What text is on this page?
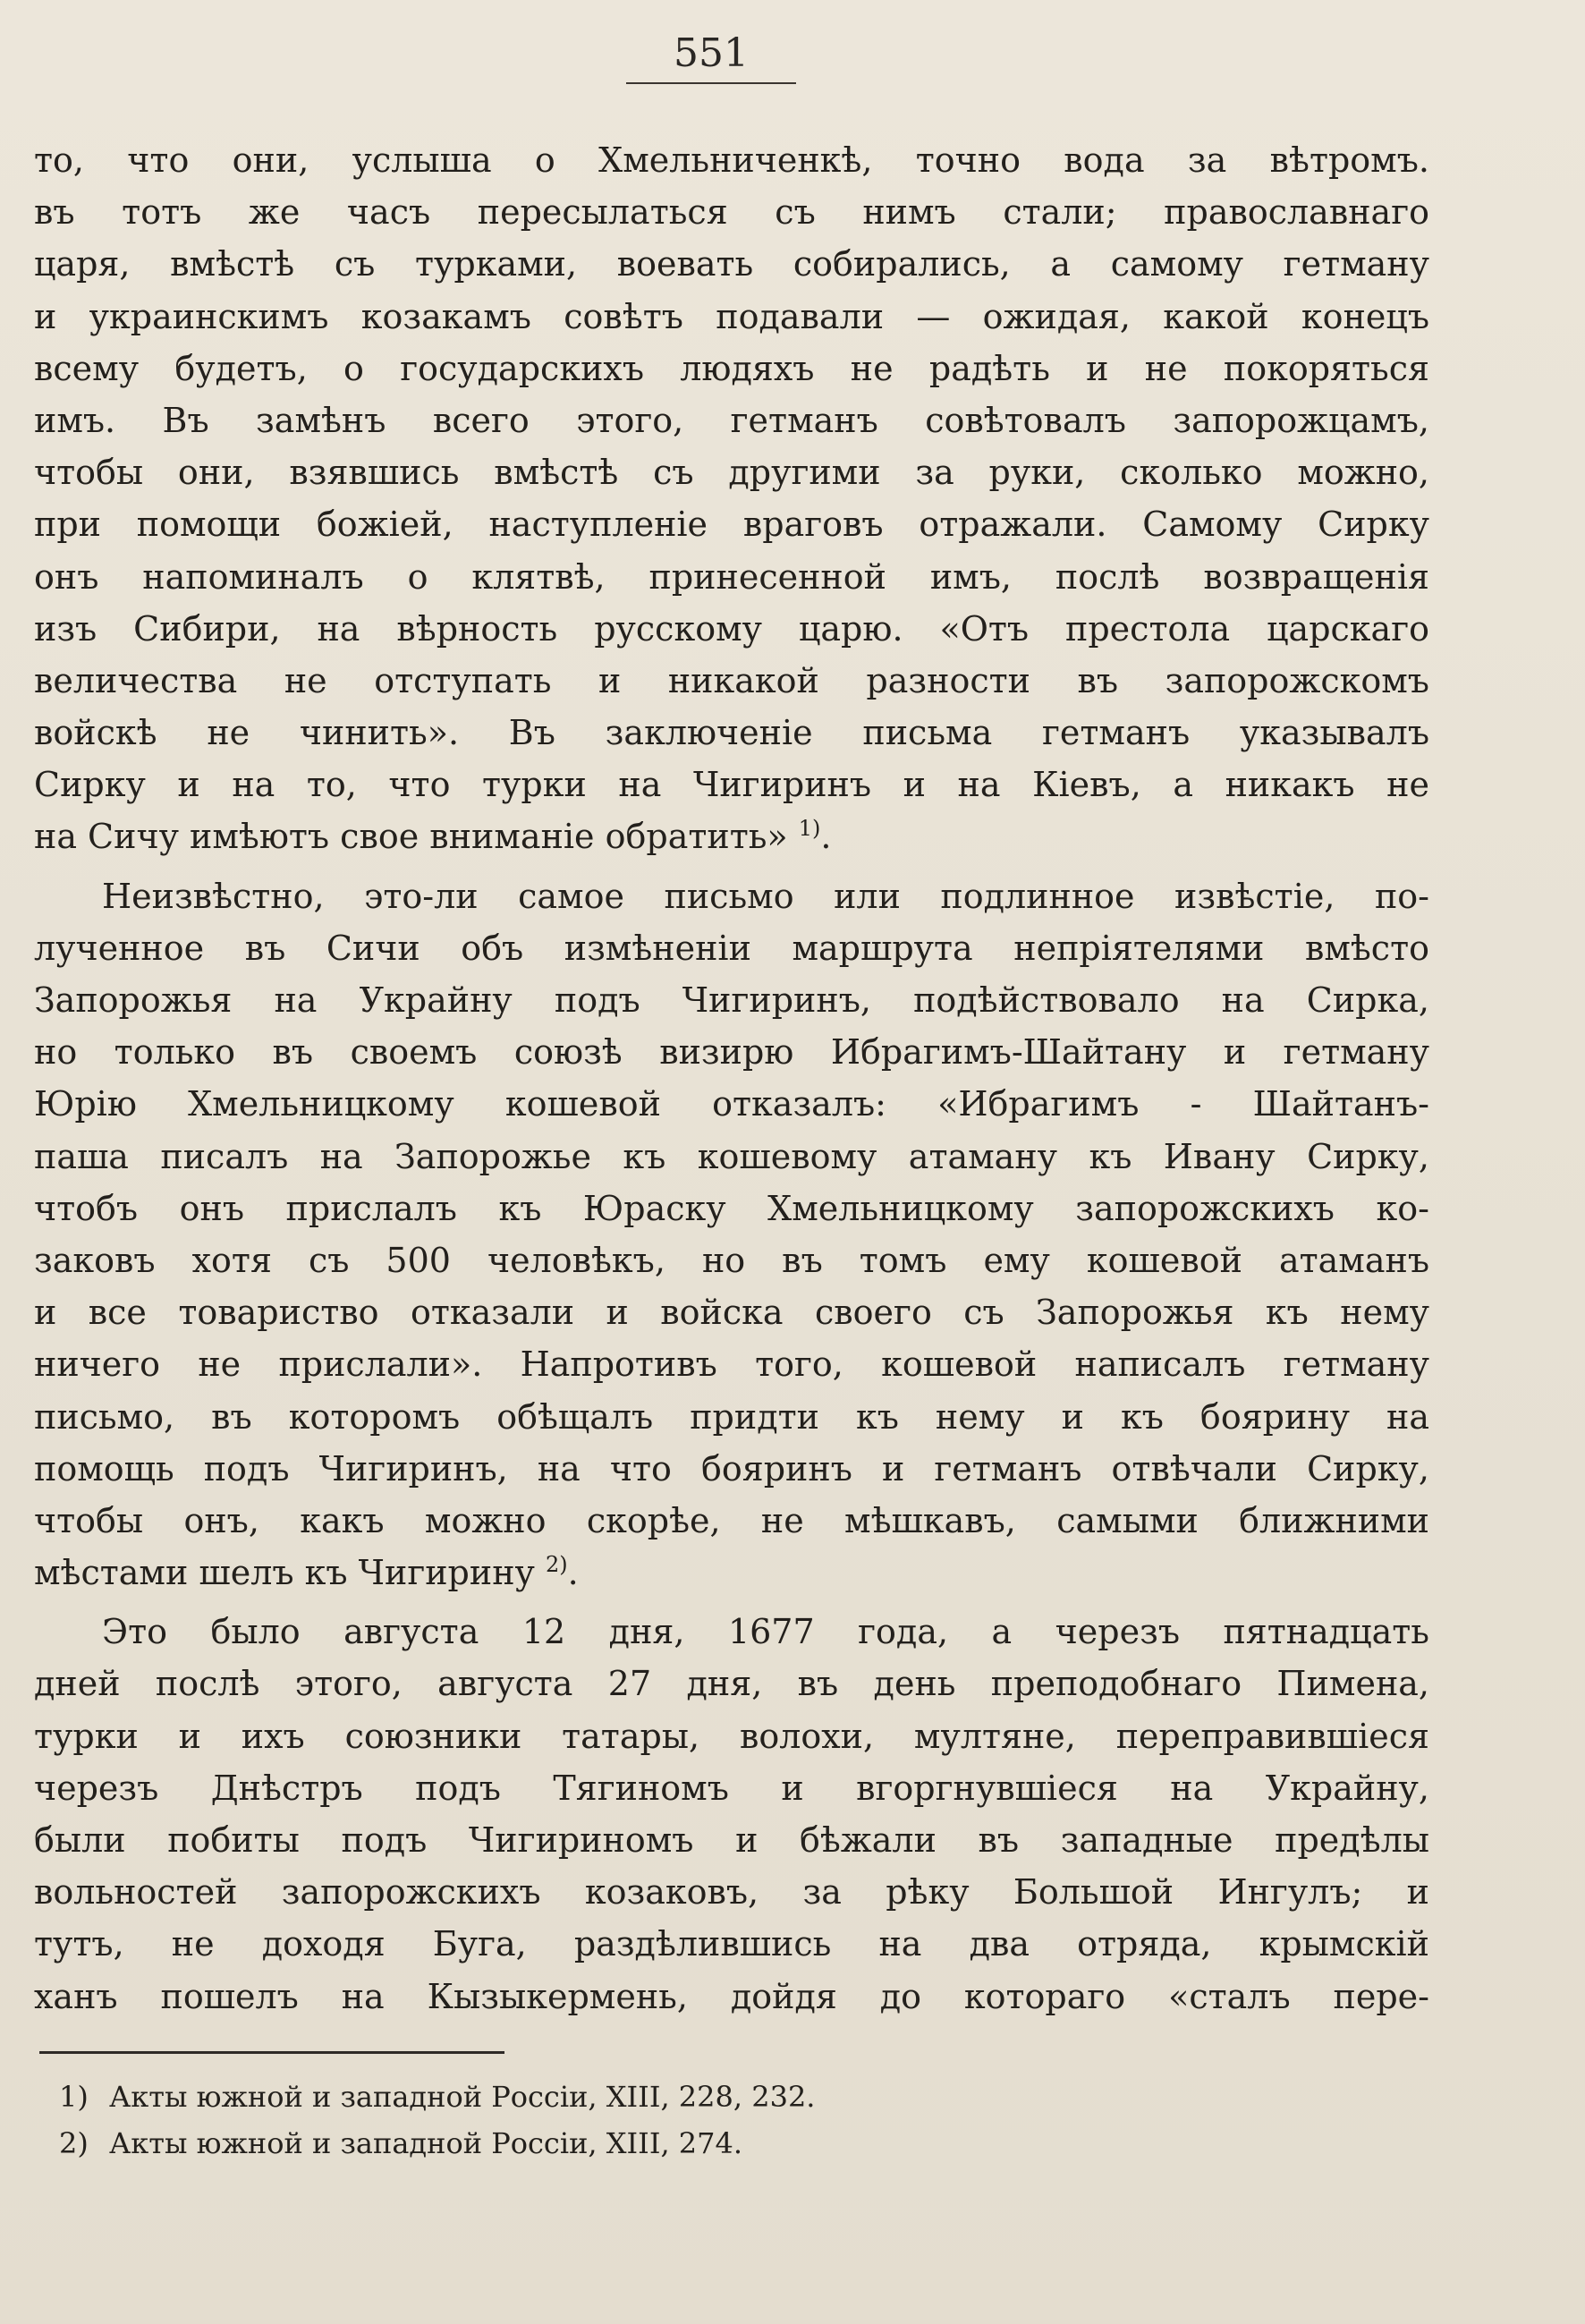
551
то, что они, услыша о Хмельниченкѣ, точно вода за вѣтромъ.
въ тотъ же часъ пересылаться съ нимъ стали; православнаго
царя, вмѣстѣ съ турками, воевать собирались, а самому гетману
и украинскимъ козакамъ совѣтъ подавали — ожидая, какой конецъ
всему будетъ, о государскихъ людяхъ не радѣть и не покоряться
имъ. Въ замѣнъ всего этого, гетманъ совѣтовалъ запорожцамъ,
чтобы они, взявшись вмѣстѣ съ другими за руки, сколько можно,
при помощи божiей, наступленiе враговъ отражали. Самому Сирку
онъ напоминалъ о клятвѣ, принесенной имъ, послѣ возвращенiя
изъ Сибири, на вѣрность русскому царю. «Отъ престола царскаго
величества не отступать и никакой разности въ запорожскомъ
войскѣ не чинить». Въ заключенiе письма гетманъ указывалъ
Сирку и на то, что турки на Чигиринъ и на Кiевъ, а никакъ не
на Сичу имѣютъ свое вниманiе обратить» $^{1)}$.
Неизвѣстно, это-ли самое письмо или подлинное извѣстiе, по-
лученное въ Сичи объ измѣненiи маршрута непрiятелями вмѣсто
Запорожья на Украйну подъ Чигиринъ, подѣйствовало на Сирка,
но только въ своемъ союзѣ визирю Ибрагимъ-Шайтану и гетману
Юрiю Хмельницкому кошевой отказалъ: «Ибрагимъ - Шайтанъ-
паша писалъ на Запорожье къ кошевому атаману къ Ивану Сирку,
чтобъ онъ прислалъ къ Юраску Хмельницкому запорожскихъ ко-
заковъ хотя съ 500 человѣкъ, но въ томъ ему кошевой атаманъ
и все товариство отказали и войска своего съ Запорожья къ нему
ничего не прислали». Напротивъ того, кошевой написалъ гетману
письмо, въ которомъ обѣщалъ придти къ нему и къ боярину на
помощь подъ Чигиринъ, на что бояринъ и гетманъ отвѣчали Сирку,
чтобы онъ, какъ можно скорѣе, не мѣшкавъ, самыми ближними
мѣстами шелъ къ Чигирину $^{2)}$.
Это было августа 12 дня, 1677 года, а черезъ пятнадцать
дней послѣ этого, августа 27 дня, въ день преподобнаго Пимена,
турки и ихъ союзники татары, волохи, мултяне, переправившiеся
черезъ Днѣстръ подъ Тягиномъ и вгоргнувшiеся на Украйну,
были побиты подъ Чигириномъ и бѣжали въ западные предѣлы
вольностей запорожскихъ козаковъ, за рѣку Большой Ингулъ; и
тутъ, не доходя Буга, раздѣлившись на два отряда, крымскiй
ханъ пошелъ на Кызыкермень, дойдя до котораго «сталъ пере-
1) Акты южной и западной Россiи, XIII, 228, 232.
2) Акты южной и западной Россiи, XIII, 274.
